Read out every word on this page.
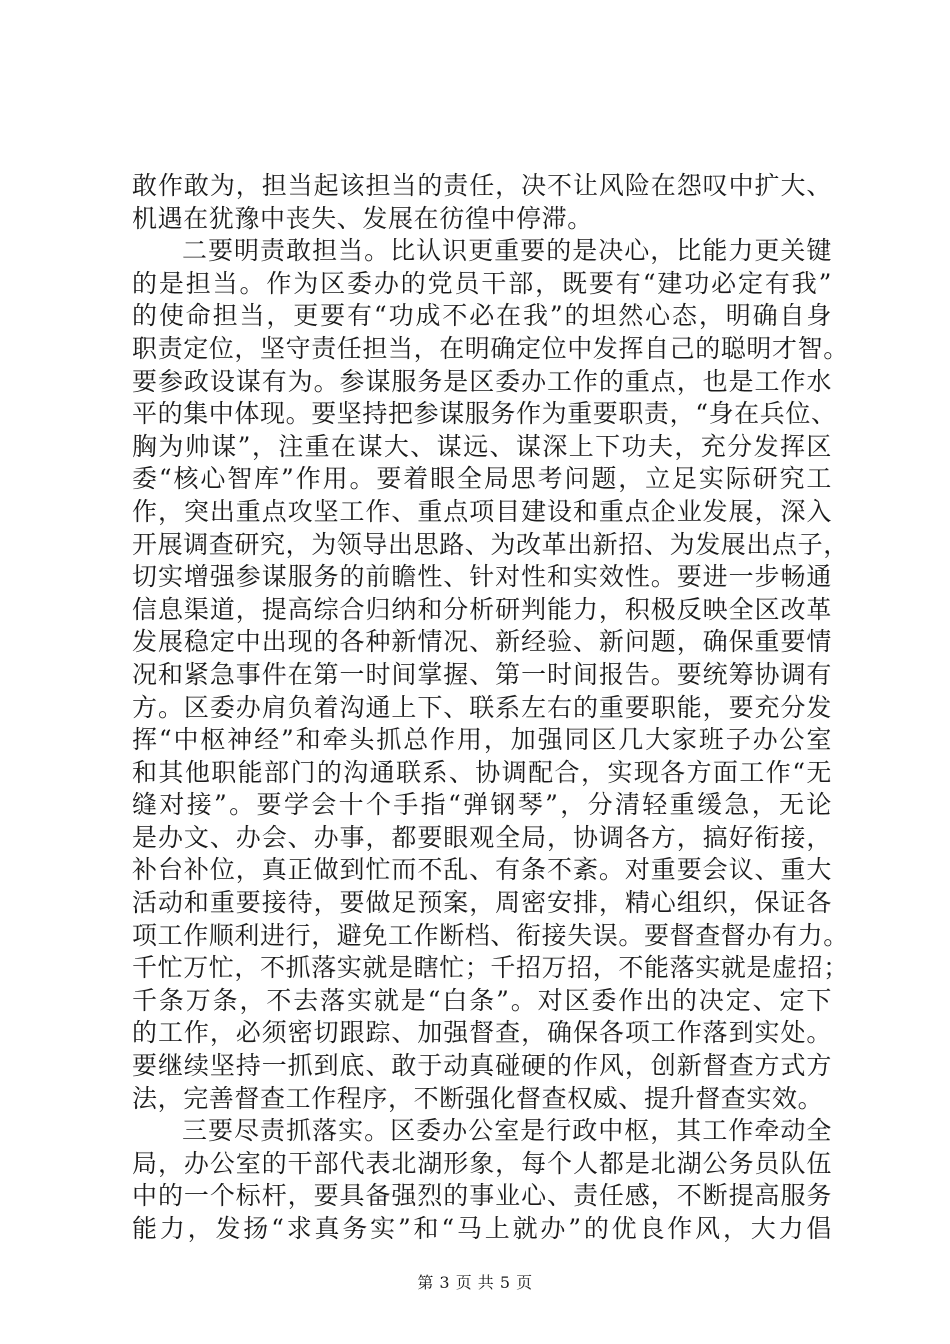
敢作敢为，担当起该担当的责任，决不让风险在怨叹中扩大、
机遇在犹豫中丧失、发展在彷徨中停滞。
二要明责敢担当。比认识更重要的是决心，比能力更关键
的是担当。作为区委办的党员干部，既要有“建功必定有我”
的使命担当，更要有“功成不必在我”的坦然心态，明确自身
职责定位，坚守责任担当，在明确定位中发挥自己的聪明才智。
要参政设谋有为。参谋服务是区委办工作的重点，也是工作水
平的集中体现。要坚持把参谋服务作为重要职责，“身在兵位、
胸为帅谋”，注重在谋大、谋远、谋深上下功夫，充分发挥区
委“核心智库”作用。要着眼全局思考问题，立足实际研究工
作，突出重点攻坚工作、重点项目建设和重点企业发展，深入
开展调查研究，为领导出思路、为改革出新招、为发展出点子，
切实增强参谋服务的前瞻性、针对性和实效性。要进一步畅通
信息渠道，提高综合归纳和分析研判能力，积极反映全区改革
发展稳定中出现的各种新情况、新经验、新问题，确保重要情
况和紧急事件在第一时间掌握、第一时间报告。要统筹协调有
方。区委办肩负着沟通上下、联系左右的重要职能，要充分发
挥“中枢神经”和牵头抓总作用，加强同区几大家班子办公室
和其他职能部门的沟通联系、协调配合，实现各方面工作“无
缝对接”。要学会十个手指“弹钢琴”，分清轻重缓急，无论
是办文、办会、办事，都要眼观全局，协调各方，搞好衔接，
补台补位，真正做到忙而不乱、有条不紊。对重要会议、重大
活动和重要接待，要做足预案，周密安排，精心组织，保证各
项工作顺利进行，避免工作断档、衔接失误。要督查督办有力。
千忙万忙，不抓落实就是瞎忙；千招万招，不能落实就是虚招；
千条万条，不去落实就是“白条”。对区委作出的决定、定下
的工作，必须密切跟踪、加强督查，确保各项工作落到实处。
要继续坚持一抓到底、敢于动真碰硬的作风，创新督查方式方
法，完善督查工作程序，不断强化督查权威、提升督查实效。
三要尽责抓落实。区委办公室是行政中枢，其工作牵动全
局，办公室的干部代表北湖形象，每个人都是北湖公务员队伍
中的一个标杆，要具备强烈的事业心、责任感，不断提高服务
能力，发扬“求真务实”和“马上就办”的优良作风，大力倡
第 3 页 共 5 页
